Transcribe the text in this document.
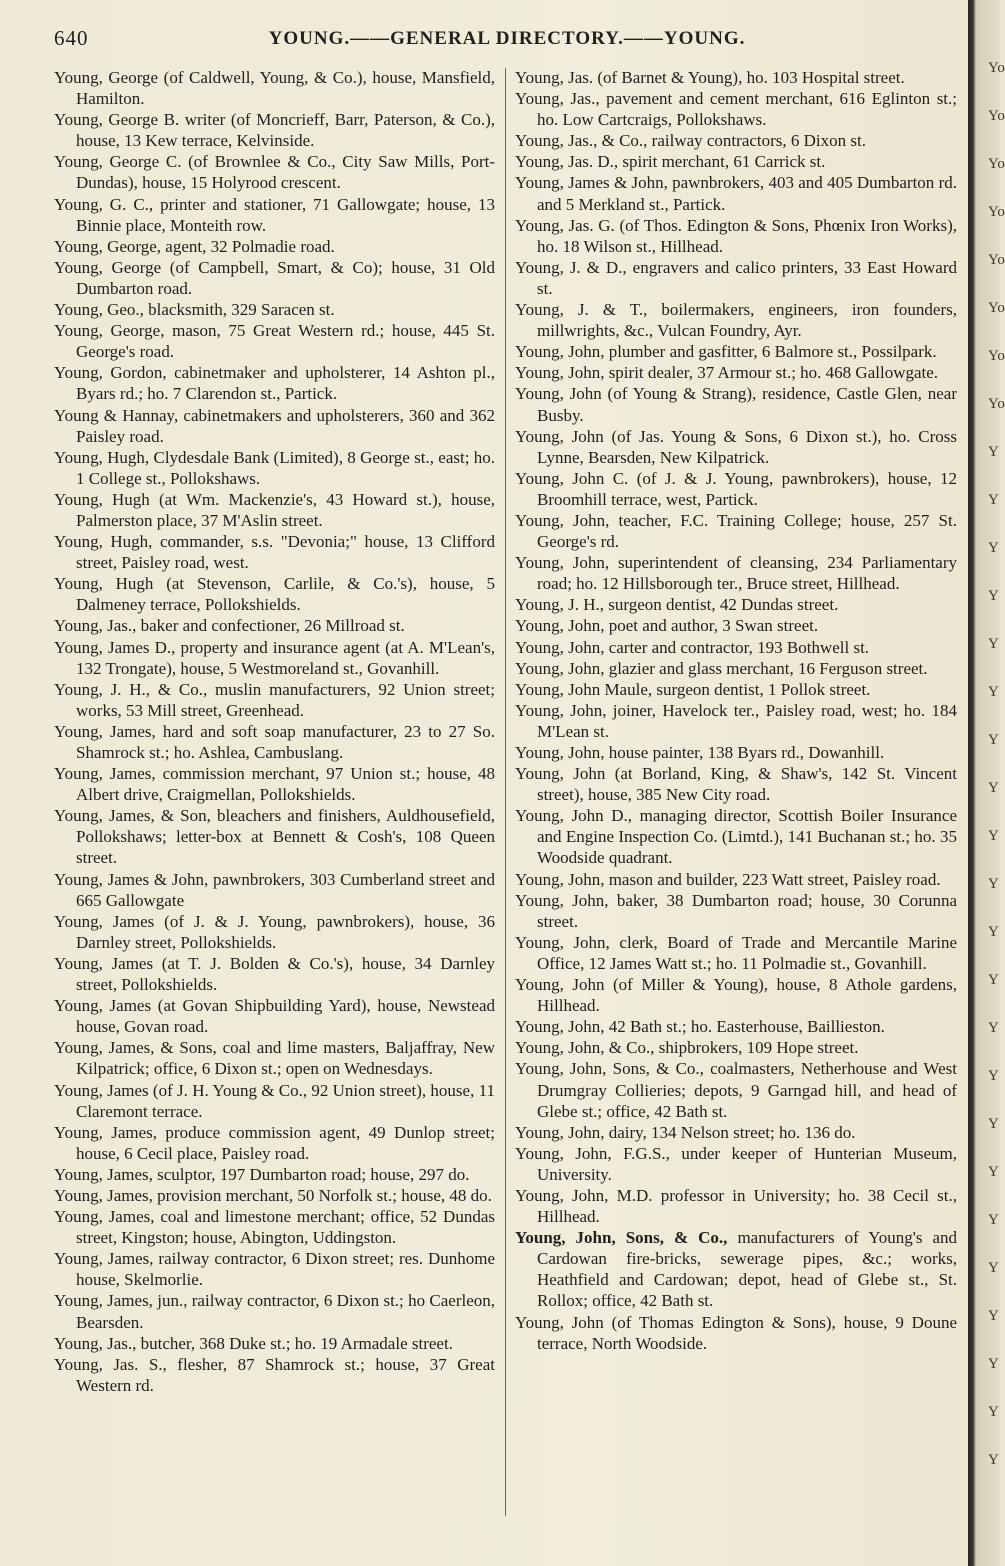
640	YOUNG.——GENERAL DIRECTORY.——YOUNG.

Young, George (of Caldwell, Young, & Co.), house, Mansfield, Hamilton.

Young, George B. writer (of Moncrieff, Barr, Paterson, & Co.), house, 13 Kew terrace, Kelvinside.

Young, George C. (of Brownlee & Co., City Saw Mills, Port-Dundas), house, 15 Holyrood crescent.

Young, G. C., printer and stationer, 71 Gallowgate; house, 13 Binnie place, Monteith row.

Young, George, agent, 32 Polmadie road.

Young, George (of Campbell, Smart, & Co); house, 31 Old Dumbarton road.

Young, Geo., blacksmith, 329 Saracen st.

Young, George, mason, 75 Great Western rd.; house, 445 St. George's road.

Young, Gordon, cabinetmaker and upholsterer, 14 Ashton pl., Byars rd.; ho. 7 Clarendon st., Partick.

Young & Hannay, cabinetmakers and upholsterers, 360 and 362 Paisley road.

Young, Hugh, Clydesdale Bank (Limited), 8 George st., east; ho. 1 College st., Pollokshaws.

Young, Hugh (at Wm. Mackenzie's, 43 Howard st.), house, Palmerston place, 37 M'Aslin street.

Young, Hugh, commander, s.s. "Devonia;" house, 13 Clifford street, Paisley road, west.

Young, Hugh (at Stevenson, Carlile, & Co.'s), house, 5 Dalmeney terrace, Pollokshields.

Young, Jas., baker and confectioner, 26 Millroad st.

Young, James D., property and insurance agent (at A. M'Lean's, 132 Trongate), house, 5 Westmoreland st., Govanhill.

Young, J. H., & Co., muslin manufacturers, 92 Union street; works, 53 Mill street, Greenhead.

Young, James, hard and soft soap manufacturer, 23 to 27 So. Shamrock st.; ho. Ashlea, Cambuslang.

Young, James, commission merchant, 97 Union st.; house, 48 Albert drive, Craigmellan, Pollokshields.

Young, James, & Son, bleachers and finishers, Auldhousefield, Pollokshaws; letter-box at Bennett & Cosh's, 108 Queen street.

Young, James & John, pawnbrokers, 303 Cumberland street and 665 Gallowgate

Young, James (of J. & J. Young, pawnbrokers), house, 36 Darnley street, Pollokshields.

Young, James (at T. J. Bolden & Co.'s), house, 34 Darnley street, Pollokshields.

Young, James (at Govan Shipbuilding Yard), house, Newstead house, Govan road.

Young, James, & Sons, coal and lime masters, Baljaffray, New Kilpatrick; office, 6 Dixon st.; open on Wednesdays.

Young, James (of J. H. Young & Co., 92 Union street), house, 11 Claremont terrace.

Young, James, produce commission agent, 49 Dunlop street; house, 6 Cecil place, Paisley road.

Young, James, sculptor, 197 Dumbarton road; house, 297 do.

Young, James, provision merchant, 50 Norfolk st.; house, 48 do.

Young, James, coal and limestone merchant; office, 52 Dundas street, Kingston; house, Abington, Uddingston.

Young, James, railway contractor, 6 Dixon street; res. Dunhome house, Skelmorlie.

Young, James, jun., railway contractor, 6 Dixon st.; ho Caerleon, Bearsden.

Young, Jas., butcher, 368 Duke st.; ho. 19 Armadale street.

Young, Jas. S., flesher, 87 Shamrock st.; house, 37 Great Western rd.

Young, Jas. (of Barnet & Young), ho. 103 Hospital street.

Young, Jas., pavement and cement merchant, 616 Eglinton st.; ho. Low Cartcraigs, Pollokshaws.

Young, Jas., & Co., railway contractors, 6 Dixon st.

Young, Jas. D., spirit merchant, 61 Carrick st.

Young, James & John, pawnbrokers, 403 and 405 Dumbarton rd. and 5 Merkland st., Partick.

Young, Jas. G. (of Thos. Edington & Sons, Phœnix Iron Works), ho. 18 Wilson st., Hillhead.

Young, J. & D., engravers and calico printers, 33 East Howard st.

Young, J. & T., boilermakers, engineers, iron founders, millwrights, &c., Vulcan Foundry, Ayr.

Young, John, plumber and gasfitter, 6 Balmore st., Possilpark.

Young, John, spirit dealer, 37 Armour st.; ho. 468 Gallowgate.

Young, John (of Young & Strang), residence, Castle Glen, near Busby.

Young, John (of Jas. Young & Sons, 6 Dixon st.), ho. Cross Lynne, Bearsden, New Kilpatrick.

Young, John C. (of J. & J. Young, pawnbrokers), house, 12 Broomhill terrace, west, Partick.

Young, John, teacher, F.C. Training College; house, 257 St. George's rd.

Young, John, superintendent of cleansing, 234 Parliamentary road; ho. 12 Hillsborough ter., Bruce street, Hillhead.

Young, J. H., surgeon dentist, 42 Dundas street.

Young, John, poet and author, 3 Swan street.

Young, John, carter and contractor, 193 Bothwell st.

Young, John, glazier and glass merchant, 16 Ferguson street.

Young, John Maule, surgeon dentist, 1 Pollok street.

Young, John, joiner, Havelock ter., Paisley road, west; ho. 184 M'Lean st.

Young, John, house painter, 138 Byars rd., Dowanhill.

Young, John (at Borland, King, & Shaw's, 142 St. Vincent street), house, 385 New City road.

Young, John D., managing director, Scottish Boiler Insurance and Engine Inspection Co. (Limtd.), 141 Buchanan st.; ho. 35 Woodside quadrant.

Young, John, mason and builder, 223 Watt street, Paisley road.

Young, John, baker, 38 Dumbarton road; house, 30 Corunna street.

Young, John, clerk, Board of Trade and Mercantile Marine Office, 12 James Watt st.; ho. 11 Polmadie st., Govanhill.

Young, John (of Miller & Young), house, 8 Athole gardens, Hillhead.

Young, John, 42 Bath st.; ho. Easterhouse, Baillieston.

Young, John, & Co., shipbrokers, 109 Hope street.

Young, John, Sons, & Co., coalmasters, Netherhouse and West Drumgray Collieries; depots, 9 Garngad hill, and head of Glebe st.; office, 42 Bath st.

Young, John, dairy, 134 Nelson street; ho. 136 do.

Young, John, F.G.S., under keeper of Hunterian Museum, University.

Young, John, M.D. professor in University; ho. 38 Cecil st., Hillhead.

Young, John, Sons, & Co., manufacturers of Young's and Cardowan fire-bricks, sewerage pipes, &c.; works, Heathfield and Cardowan; depot, head of Glebe st., St. Rollox; office, 42 Bath st.

Young, John (of Thomas Edington & Sons), house, 9 Doune terrace, North Woodside.

Yo
Yo
Yo
Yo
Yo
Yo
Yo
Yo
Y
Y
Y
Y
Y
Y
Y
Y
Y
Y
Y
Y
Y
Y
Y
Y
Y
Y
Y
Y
Y
Y
